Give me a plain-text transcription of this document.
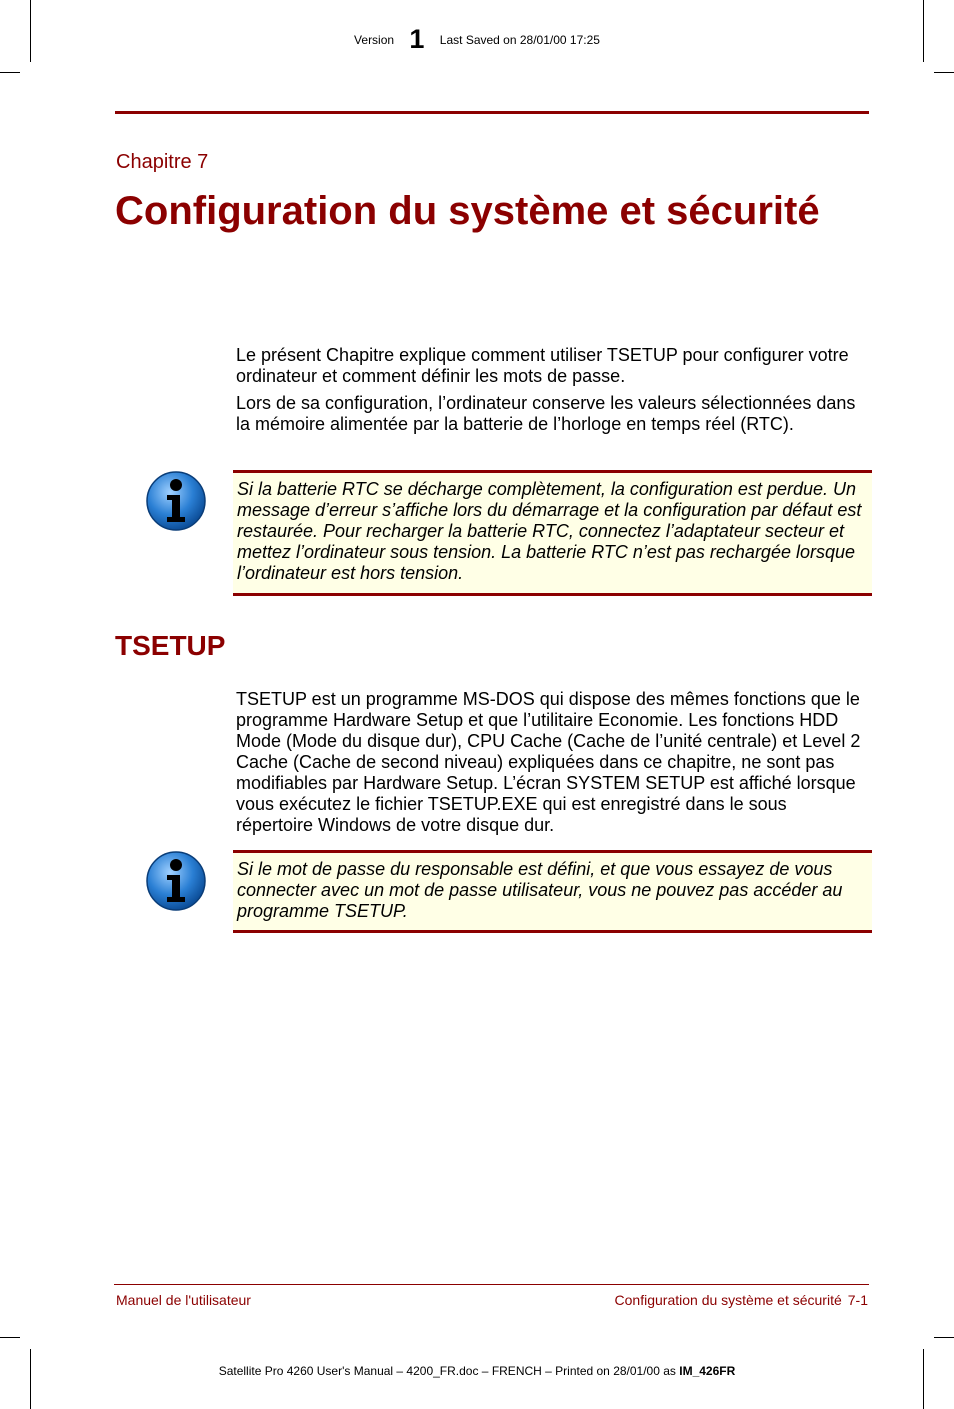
Version 1 Last Saved on 28/01/00 17:25
Chapitre 7
Configuration du système et sécurité

Le présent Chapitre explique comment utiliser TSETUP pour configurer votre ordinateur et comment définir les mots de passe.

Lors de sa configuration, l’ordinateur conserve les valeurs sélectionnées dans la mémoire alimentée par la batterie de l’horloge en temps réel (RTC).

Si la batterie RTC se décharge complètement, la configuration est perdue. Un message d’erreur s’affiche lors du démarrage et la configuration par défaut est restaurée. Pour recharger la batterie RTC, connectez l’adaptateur secteur et mettez l’ordinateur sous tension. La batterie RTC n’est pas rechargée lorsque l’ordinateur est hors tension.

TSETUP

TSETUP est un programme MS-DOS qui dispose des mêmes fonctions que le programme Hardware Setup et que l’utilitaire Economie. Les fonctions HDD Mode (Mode du disque dur), CPU Cache (Cache de l’unité centrale) et Level 2 Cache (Cache de second niveau) expliquées dans ce chapitre, ne sont pas modifiables par Hardware Setup. L’écran SYSTEM SETUP est affiché lorsque vous exécutez le fichier TSETUP.EXE qui est enregistré dans le sous répertoire Windows de votre disque dur.

Si le mot de passe du responsable est défini, et que vous essayez de vous connecter avec un mot de passe utilisateur, vous ne pouvez pas accéder au programme TSETUP.

Manuel de l'utilisateur	Configuration du système et sécurité 7-1
Satellite Pro 4260 User's Manual – 4200_FR.doc – FRENCH – Printed on 28/01/00 as IM_426FR
